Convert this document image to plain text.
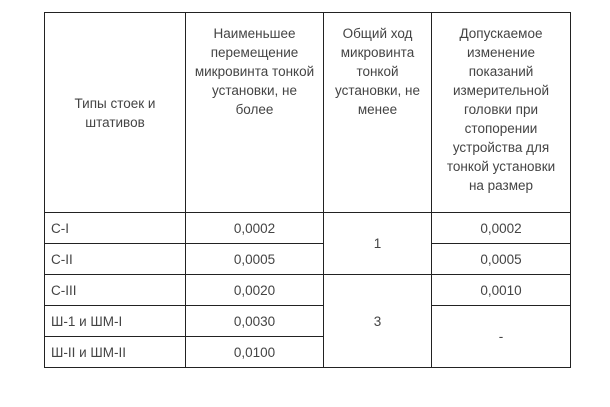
Типы стоек и штативов	Наименьшее перемещение микровинта тонкой установки, не более	Общий ход микровинта тонкой установки, не менее	Допускаемое изменение показаний измерительной головки при стопорении устройства для тонкой установки на размер
С-I	0,0002	1	0,0002
С-II	0,0005		0,0005
С-III	0,0020	3	0,0010
Ш-1 и ШМ-I	0,0030		-
Ш-II и ШМ-II	0,0100		
